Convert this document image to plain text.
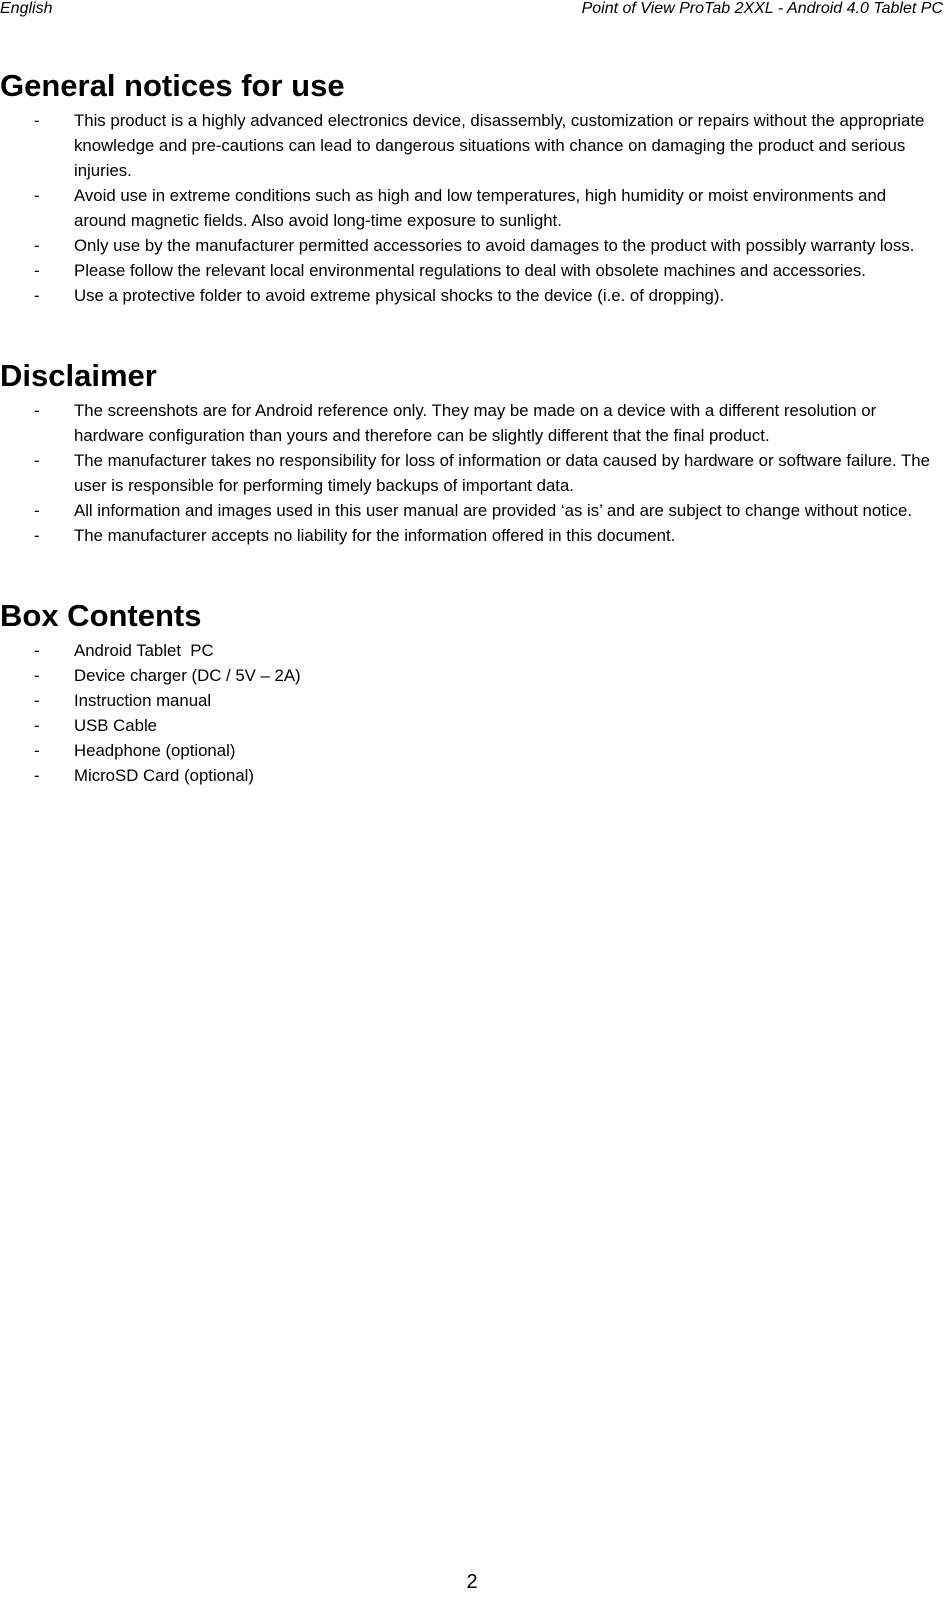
English	Point of View ProTab 2XXL - Android 4.0 Tablet PC
General notices for use
- This product is a highly advanced electronics device, disassembly, customization or repairs without the appropriate knowledge and pre-cautions can lead to dangerous situations with chance on damaging the product and serious injuries.
- Avoid use in extreme conditions such as high and low temperatures, high humidity or moist environments and around magnetic fields. Also avoid long-time exposure to sunlight.
- Only use by the manufacturer permitted accessories to avoid damages to the product with possibly warranty loss.
- Please follow the relevant local environmental regulations to deal with obsolete machines and accessories.
- Use a protective folder to avoid extreme physical shocks to the device (i.e. of dropping).
Disclaimer
- The screenshots are for Android reference only. They may be made on a device with a different resolution or hardware configuration than yours and therefore can be slightly different that the final product.
- The manufacturer takes no responsibility for loss of information or data caused by hardware or software failure. The user is responsible for performing timely backups of important data.
- All information and images used in this user manual are provided ‘as is’ and are subject to change without notice.
- The manufacturer accepts no liability for the information offered in this document.
Box Contents
- Android Tablet  PC
- Device charger (DC / 5V – 2A)
- Instruction manual
- USB Cable
- Headphone (optional)
- MicroSD Card (optional)
2
